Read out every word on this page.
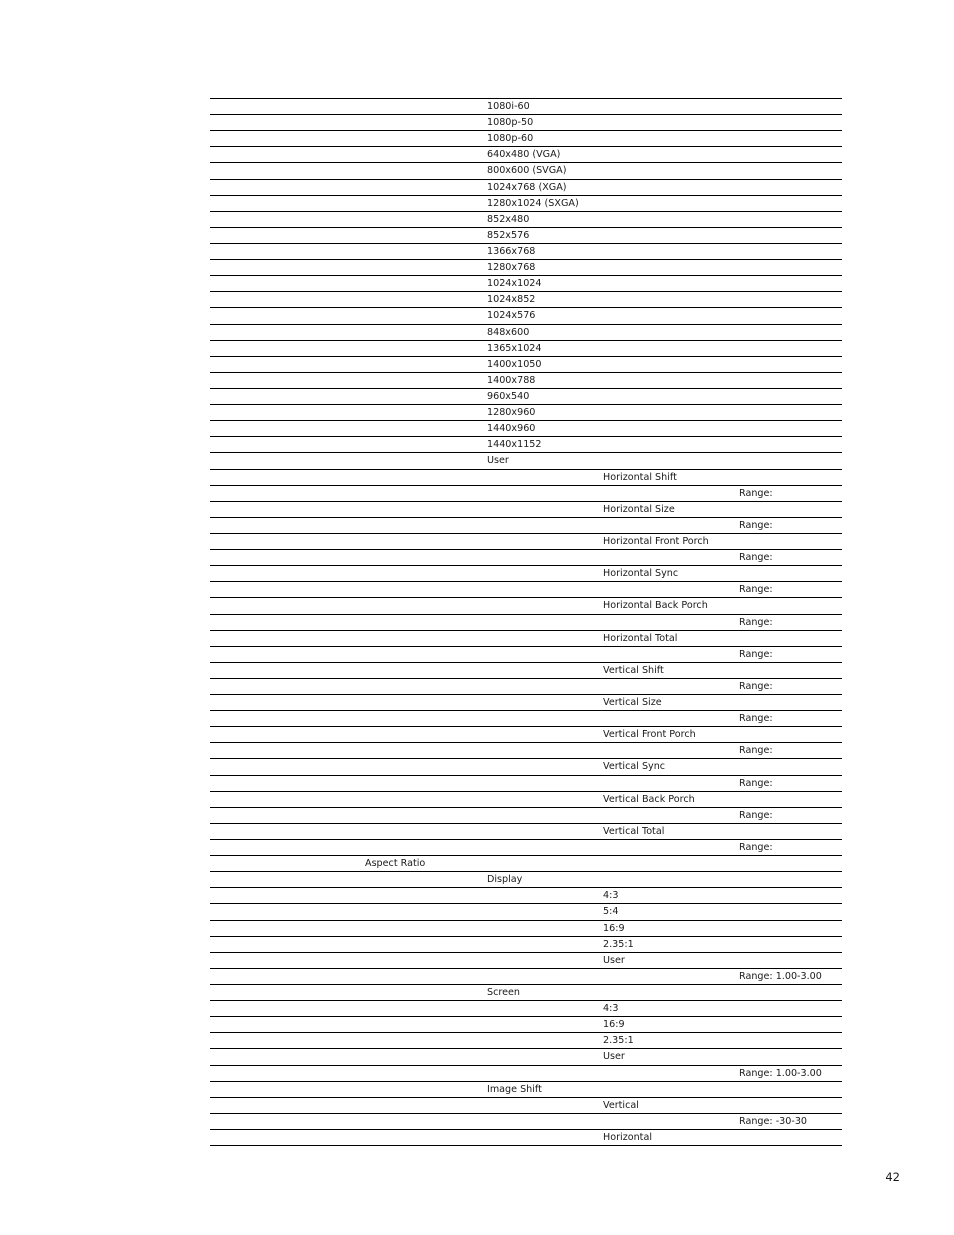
1080i-60
1080p-50
1080p-60
640x480 (VGA)
800x600 (SVGA)
1024x768 (XGA)
1280x1024 (SXGA)
852x480
852x576
1366x768
1280x768
1024x1024
1024x852
1024x576
848x600
1365x1024
1400x1050
1400x788
960x540
1280x960
1440x960
1440x1152
User
Horizontal Shift
Range:
Horizontal Size
Range:
Horizontal Front Porch
Range:
Horizontal Sync
Range:
Horizontal Back Porch
Range:
Horizontal Total
Range:
Vertical Shift
Range:
Vertical Size
Range:
Vertical Front Porch
Range:
Vertical Sync
Range:
Vertical Back Porch
Range:
Vertical Total
Range:
Aspect Ratio
Display
4:3
5:4
16:9
2.35:1
User
Range: 1.00-3.00
Screen
4:3
16:9
2.35:1
User
Range: 1.00-3.00
Image Shift
Vertical
Range: -30-30
Horizontal
42
